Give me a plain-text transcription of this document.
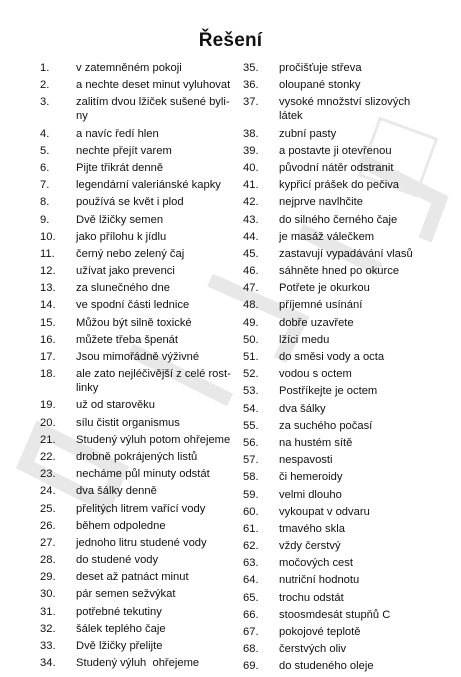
Řešení
1.	v zatemněném pokoji
2.	a nechte deset minut vyluhovat
3.	zalitím dvou lžiček sušené byli-
ny
4.	a navíc ředí hlen
5.	nechte přejít varem
6.	Pijte třikrát denně
7.	legendární valeriánské kapky
8.	používá se květ i plod
9.	Dvě lžičky semen
10.	jako přílohu k jídlu
11.	černý nebo zelený čaj
12.	užívat jako prevenci
13.	za slunečného dne
14.	ve spodní části lednice
15.	Můžou být silně toxické
16.	můžete třeba špenát
17.	Jsou mimořádně výživné
18.	ale zato nejléčivější z celé rost-
linky
19.	už od starověku
20.	sílu čistit organismus
21.	Studený výluh potom ohřejeme
22.	drobně pokrájených listů
23.	necháme půl minuty odstát
24.	dva šálky denně
25.	přelitých litrem vařící vody
26.	během odpoledne
27.	jednoho litru studené vody
28.	do studené vody
29.	deset až patnáct minut
30.	pár semen sežvýkat
31.	potřebné tekutiny
32.	šálek teplého čaje
33.	Dvě lžičky přelijte
34.	Studený výluh  ohřejeme
35.	pročišťuje střeva
36.	oloupané stonky
37.	vysoké množství slizových
látek
38.	zubní pasty
39.	a postavte ji otevřenou
40.	původní nátěr odstranit
41.	kypřicí prášek do pečiva
42.	nejprve navlhčite
43.	do silného černého čaje
44.	je masáž válečkem
45.	zastavují vypadávání vlasů
46.	sáhněte hned po okurce
47.	Potřete je okurkou
48.	příjemné usínání
49.	dobře uzavřete
50.	lžíci medu
51.	do směsi vody a octa
52.	vodou s octem
53.	Postříkejte je octem
54.	dva šálky
55.	za suchého počasí
56.	na hustém sítě
57.	nespavosti
58.	či hemeroidy
59.	velmi dlouho
60.	vykoupat v odvaru
61.	tmavého skla
62.	vždy čerstvý
63.	močových cest
64.	nutriční hodnotu
65.	trochu odstát
66.	stoosmdesát stupňů C
67.	pokojové teplotě
68.	čerstvých oliv
69.	do studeného oleje
